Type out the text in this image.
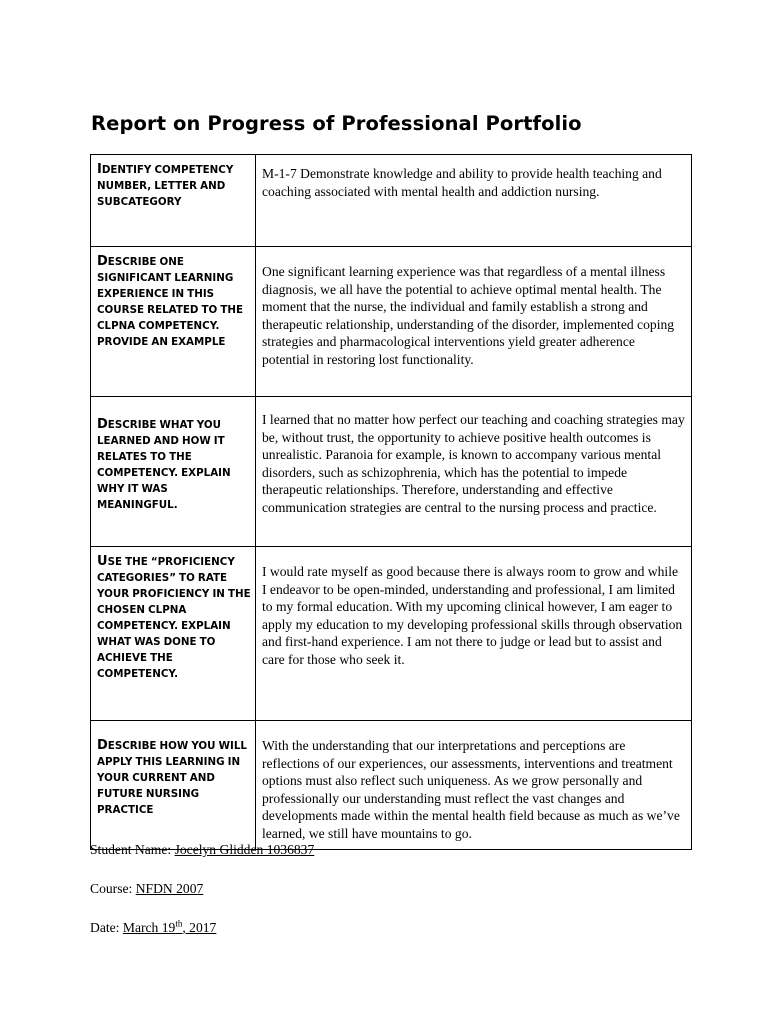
Report on Progress of Professional Portfolio
IDENTIFY COMPETENCY NUMBER, LETTER AND SUBCATEGORY	M-1-7 Demonstrate knowledge and ability to provide health teaching and coaching associated with mental health and addiction nursing.
DESCRIBE ONE SIGNIFICANT LEARNING EXPERIENCE IN THIS COURSE RELATED TO THE CLPNA COMPETENCY. PROVIDE AN EXAMPLE	One significant learning experience was that regardless of a mental illness diagnosis, we all have the potential to achieve optimal mental health. The moment that the nurse, the individual and family establish a strong and therapeutic relationship, understanding of the disorder, implemented coping strategies and pharmacological interventions yield greater adherence potential in restoring lost functionality.
DESCRIBE WHAT YOU LEARNED AND HOW IT RELATES TO THE COMPETENCY. EXPLAIN WHY IT WAS MEANINGFUL.	I learned that no matter how perfect our teaching and coaching strategies may be, without trust, the opportunity to achieve positive health outcomes is unrealistic. Paranoia for example, is known to accompany various mental disorders, such as schizophrenia, which has the potential to impede therapeutic relationships. Therefore, understanding and effective communication strategies are central to the nursing process and practice.
USE THE “PROFICIENCY CATEGORIES” TO RATE YOUR PROFICIENCY IN THE CHOSEN CLPNA COMPETENCY. EXPLAIN WHAT WAS DONE TO ACHIEVE THE COMPETENCY.	I would rate myself as good because there is always room to grow and while I endeavor to be open-minded, understanding and professional, I am limited to my formal education. With my upcoming clinical however, I am eager to apply my education to my developing professional skills through observation and first-hand experience. I am not there to judge or lead but to assist and care for those who seek it.
DESCRIBE HOW YOU WILL APPLY THIS LEARNING IN YOUR CURRENT AND FUTURE NURSING PRACTICE	With the understanding that our interpretations and perceptions are reflections of our experiences, our assessments, interventions and treatment options must also reflect such uniqueness. As we grow personally and professionally our understanding must reflect the vast changes and developments made within the mental health field because as much as we’ve learned, we still have mountains to go.

Student Name: Jocelyn Glidden 1036837

Course: NFDN 2007

Date: March 19th, 2017
